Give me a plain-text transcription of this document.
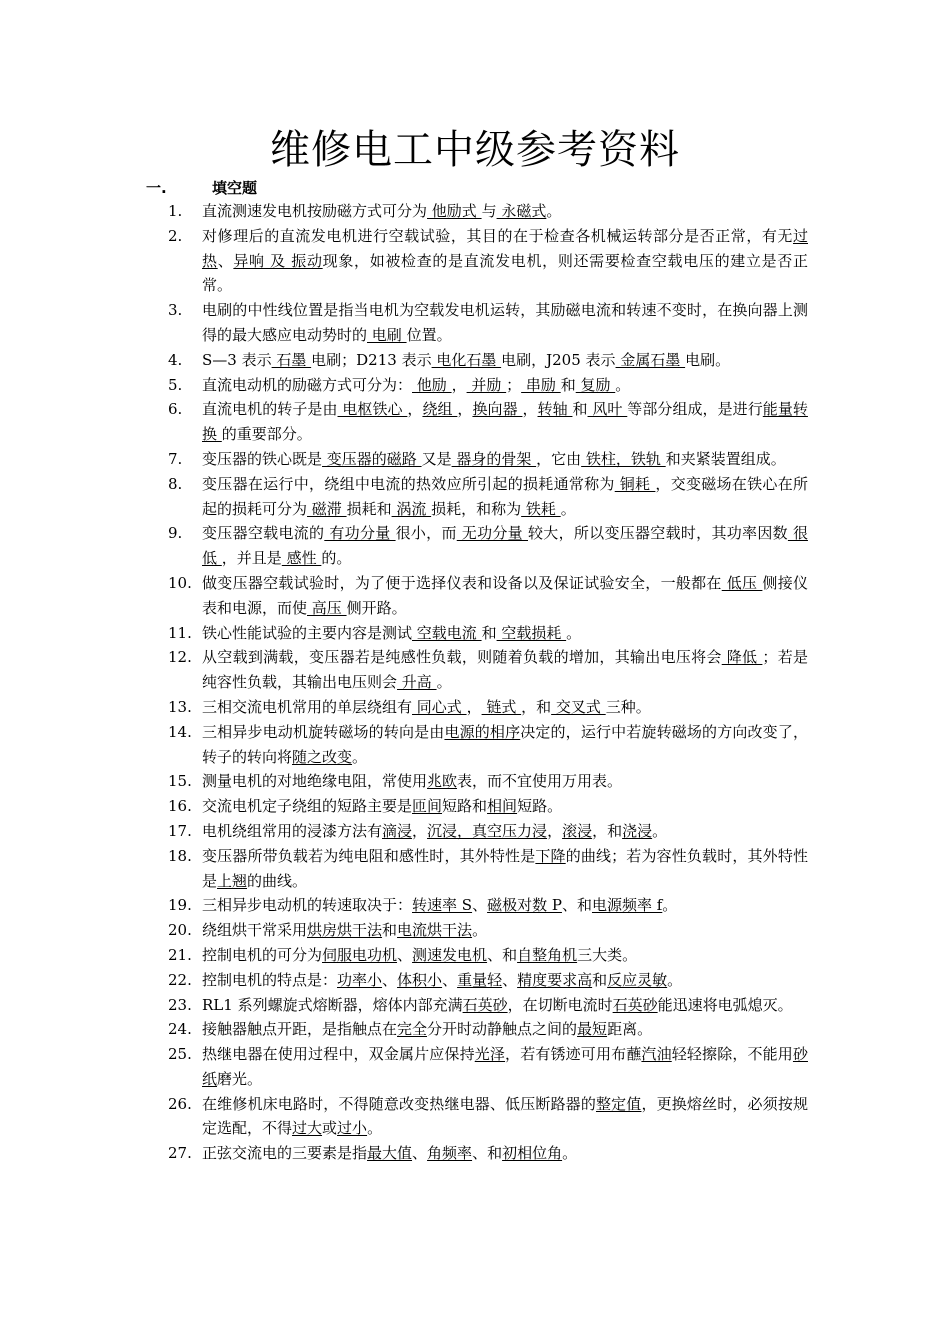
维修电工中级参考资料
一.	填空题
1.	直流测速发电机按励磁方式可分为 他励式 与 永磁式。
2.	对修理后的直流发电机进行空载试验，其目的在于检查各机械运转部分是否正常，有无过热、异响 及 振动现象，如被检查的是直流发电机，则还需要检查空载电压的建立是否正常。
3.	电刷的中性线位置是指当电机为空载发电机运转，其励磁电流和转速不变时，在换向器上测得的最大感应电动势时的 电刷 位置。
4.	S—3 表示 石墨 电刷；D213 表示 电化石墨 电刷，J205 表示 金属石墨 电刷。
5.	直流电动机的励磁方式可分为： 他励 ， 并励 ； 串励 和 复励 。
6.	直流电机的转子是由 电枢铁心 ，绕组 ，换向器 ，转轴 和 风叶 等部分组成，是进行能量转换 的重要部分。
7.	变压器的铁心既是 变压器的磁路 又是 器身的骨架 ，它由 铁柱，铁轨 和夹紧装置组成。
8.	变压器在运行中，绕组中电流的热效应所引起的损耗通常称为 铜耗 ，交变磁场在铁心在所起的损耗可分为 磁滞 损耗和 涡流 损耗，和称为 铁耗 。
9.	变压器空载电流的 有功分量 很小，而 无功分量 较大，所以变压器空载时，其功率因数 很低 ，并且是 感性 的。
10. 做变压器空载试验时，为了便于选择仪表和设备以及保证试验安全，一般都在 低压 侧接仪表和电源，而使 高压 侧开路。
11. 铁心性能试验的主要内容是测试 空载电流 和 空载损耗 。
12. 从空载到满载，变压器若是纯感性负载，则随着负载的增加，其输出电压将会 降低 ；若是纯容性负载，其输出电压则会 升高 。
13. 三相交流电机常用的单层绕组有 同心式 ， 链式 ，和 交叉式 三种。
14. 三相异步电动机旋转磁场的转向是由电源的相序决定的，运行中若旋转磁场的方向改变了，转子的转向将随之改变。
15. 测量电机的对地绝缘电阻，常使用兆欧表，而不宜使用万用表。
16. 交流电机定子绕组的短路主要是匝间短路和相间短路。
17. 电机绕组常用的浸漆方法有滴浸，沉浸，真空压力浸，滚浸，和浇浸。
18. 变压器所带负载若为纯电阻和感性时，其外特性是下降的曲线；若为容性负载时，其外特性是上翘的曲线。
19. 三相异步电动机的转速取决于：转速率 S、磁极对数 P、和电源频率 f。
20. 绕组烘干常采用烘房烘干法和电流烘干法。
21. 控制电机的可分为伺服电功机、测速发电机、和自整角机三大类。
22. 控制电机的特点是：功率小、体积小、重量轻、精度要求高和反应灵敏。
23. RL1 系列螺旋式熔断器，熔体内部充满石英砂，在切断电流时石英砂能迅速将电弧熄灭。
24. 接触器触点开距，是指触点在完全分开时动静触点之间的最短距离。
25. 热继电器在使用过程中，双金属片应保持光泽，若有锈迹可用布蘸汽油轻轻擦除，不能用砂纸磨光。
26. 在维修机床电路时，不得随意改变热继电器、低压断路器的整定值，更换熔丝时，必须按规定选配，不得过大或过小。
27. 正弦交流电的三要素是指最大值、角频率、和初相位角。
